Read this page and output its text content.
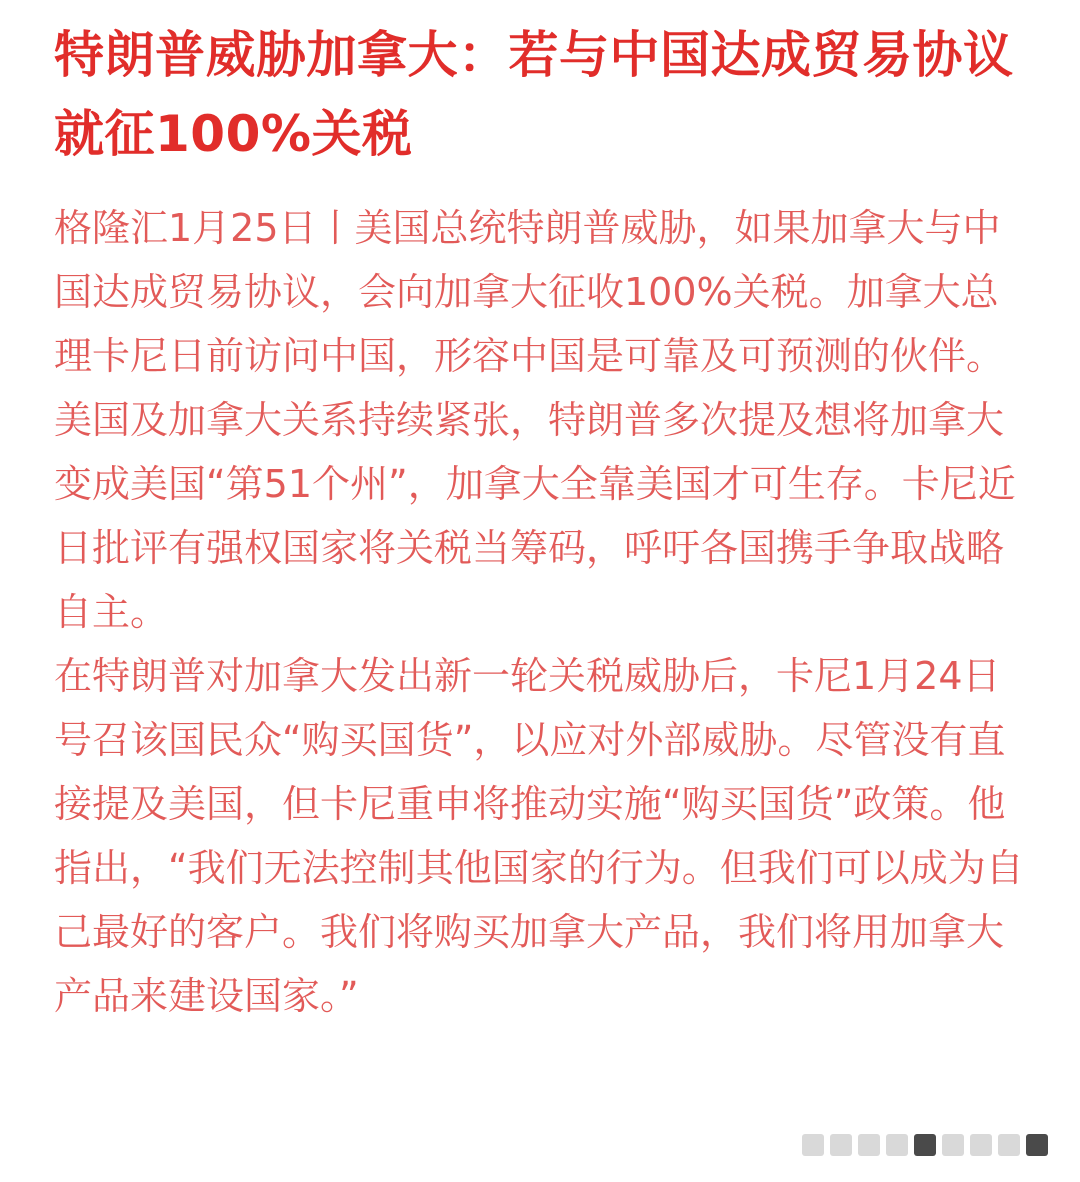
特朗普威胁加拿大：若与中国达成贸易协议就征100%关税

格隆汇1月25日丨美国总统特朗普威胁，如果加拿大与中国达成贸易协议，会向加拿大征收100%关税。加拿大总理卡尼日前访问中国，形容中国是可靠及可预测的伙伴。美国及加拿大关系持续紧张，特朗普多次提及想将加拿大变成美国“第51个州”，加拿大全靠美国才可生存。卡尼近日批评有强权国家将关税当筹码，呼吁各国携手争取战略自主。

在特朗普对加拿大发出新一轮关税威胁后，卡尼1月24日号召该国民众“购买国货”，以应对外部威胁。尽管没有直接提及美国，但卡尼重申将推动实施“购买国货”政策。他指出，“我们无法控制其他国家的行为。但我们可以成为自己最好的客户。我们将购买加拿大产品，我们将用加拿大产品来建设国家。”
